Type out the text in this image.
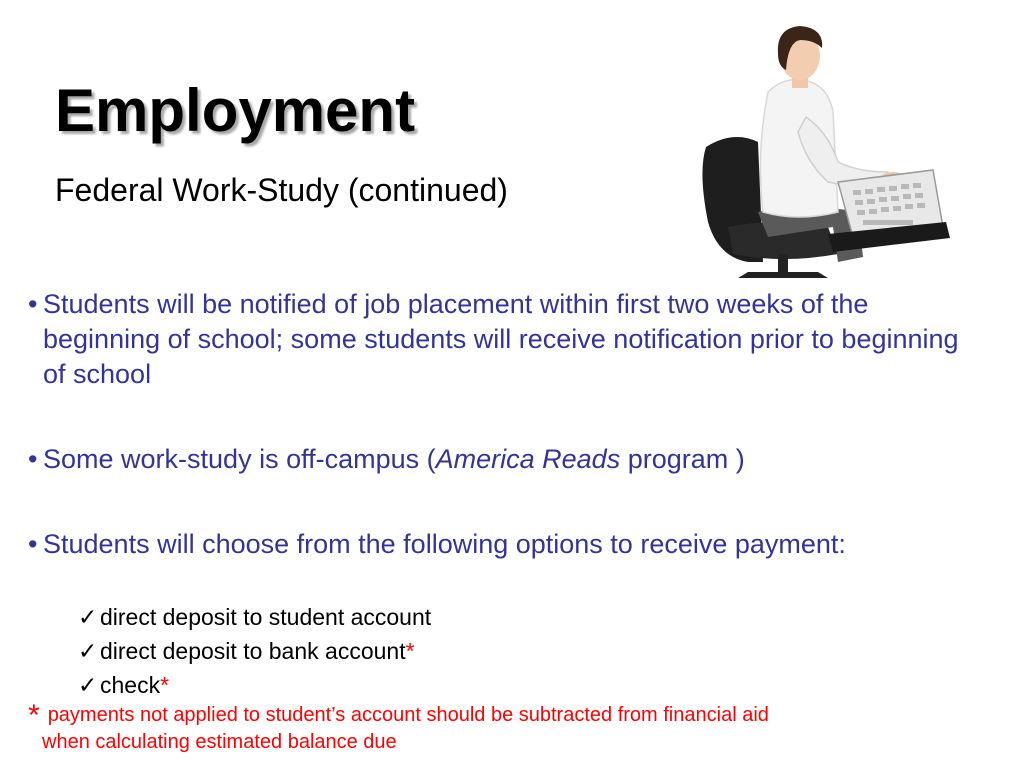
Employment

Federal Work-Study (continued)

• Students will be notified of job placement within first two weeks of the beginning of school; some students will receive notification prior to beginning of school

• Some work-study is off-campus (America Reads program )

• Students will choose from the following options to receive payment:

✓ direct deposit to student account
✓ direct deposit to bank account*
✓ check*
* payments not applied to student’s account should be subtracted from financial aid
when calculating estimated balance due
